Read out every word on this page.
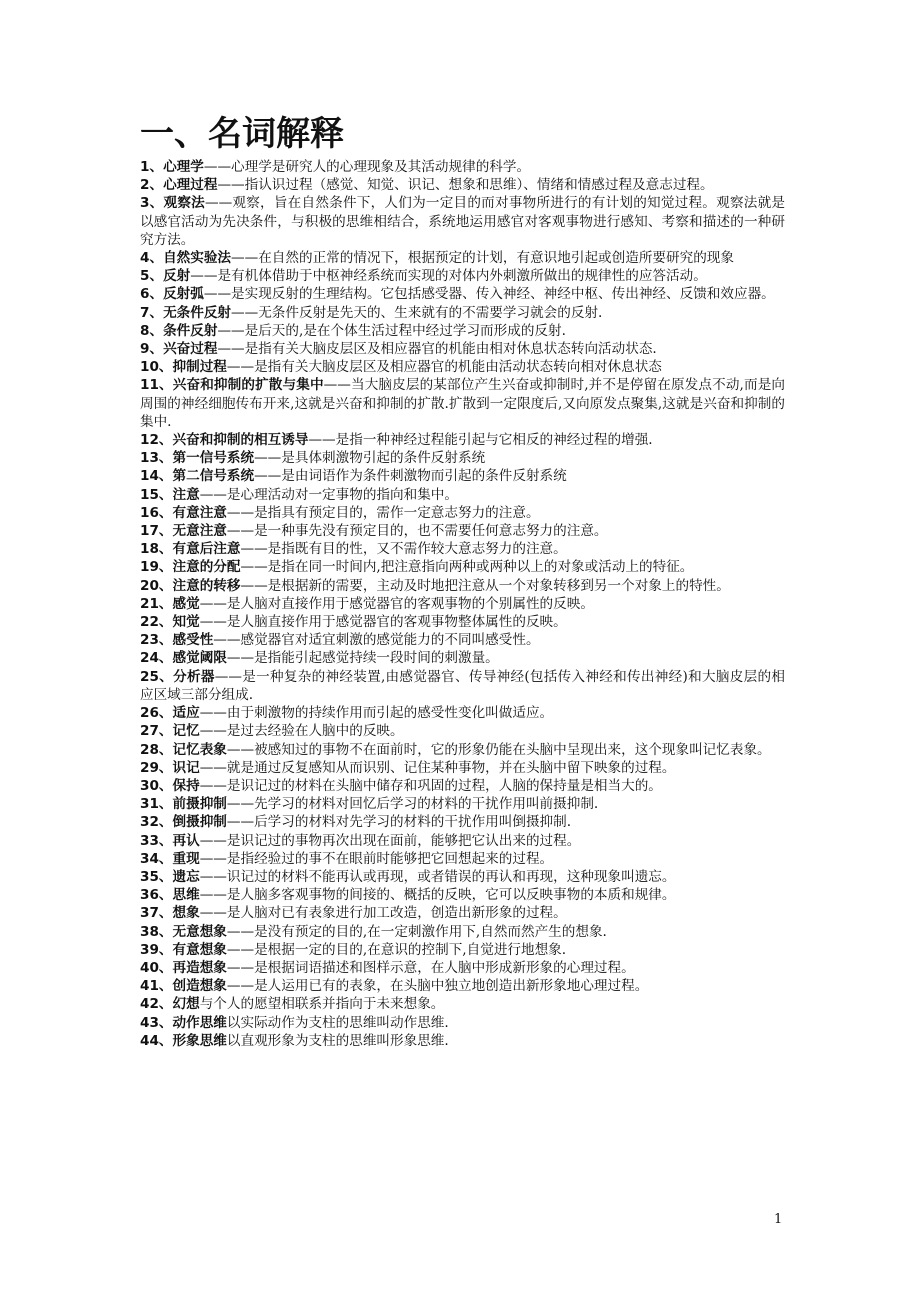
一、名词解释
1、心理学——心理学是研究人的心理现象及其活动规律的科学。
2、心理过程——指认识过程（感觉、知觉、识记、想象和思维）、情绪和情感过程及意志过程。
3、观察法——观察，旨在自然条件下，人们为一定目的而对事物所进行的有计划的知觉过程。观察法就是以感官活动为先决条件，与积极的思维相结合，系统地运用感官对客观事物进行感知、考察和描述的一种研究方法。
4、自然实验法——在自然的正常的情况下，根据预定的计划，有意识地引起或创造所要研究的现象
5、反射——是有机体借助于中枢神经系统而实现的对体内外刺激所做出的规律性的应答活动。
6、反射弧——是实现反射的生理结构。它包括感受器、传入神经、神经中枢、传出神经、反馈和效应器。
7、无条件反射——无条件反射是先天的、生来就有的不需要学习就会的反射.
8、条件反射——是后天的,是在个体生活过程中经过学习而形成的反射.
9、兴奋过程——是指有关大脑皮层区及相应器官的机能由相对休息状态转向活动状态.
10、抑制过程——是指有关大脑皮层区及相应器官的机能由活动状态转向相对休息状态
11、兴奋和抑制的扩散与集中——当大脑皮层的某部位产生兴奋或抑制时,并不是停留在原发点不动,而是向周围的神经细胞传布开来,这就是兴奋和抑制的扩散.扩散到一定限度后,又向原发点聚集,这就是兴奋和抑制的集中.
12、兴奋和抑制的相互诱导——是指一种神经过程能引起与它相反的神经过程的增强.
13、第一信号系统——是具体刺激物引起的条件反射系统
14、第二信号系统——是由词语作为条件刺激物而引起的条件反射系统
15、注意——是心理活动对一定事物的指向和集中。
16、有意注意——是指具有预定目的，需作一定意志努力的注意。
17、无意注意——是一种事先没有预定目的，也不需要任何意志努力的注意。
18、有意后注意——是指既有目的性，又不需作较大意志努力的注意。
19、注意的分配——是指在同一时间内,把注意指向两种或两种以上的对象或活动上的特征。
20、注意的转移——是根据新的需要，主动及时地把注意从一个对象转移到另一个对象上的特性。
21、感觉——是人脑对直接作用于感觉器官的客观事物的个别属性的反映。
22、知觉——是人脑直接作用于感觉器官的客观事物整体属性的反映。
23、感受性——感觉器官对适宜刺激的感觉能力的不同叫感受性。
24、感觉阈限——是指能引起感觉持续一段时间的刺激量。
25、分析器——是一种复杂的神经装置,由感觉器官、传导神经(包括传入神经和传出神经)和大脑皮层的相应区域三部分组成.
26、适应——由于刺激物的持续作用而引起的感受性变化叫做适应。
27、记忆——是过去经验在人脑中的反映。
28、记忆表象——被感知过的事物不在面前时，它的形象仍能在头脑中呈现出来，这个现象叫记忆表象。
29、识记——就是通过反复感知从而识别、记住某种事物，并在头脑中留下映象的过程。
30、保持——是识记过的材料在头脑中储存和巩固的过程，人脑的保持量是相当大的。
31、前摄抑制——先学习的材料对回忆后学习的材料的干扰作用叫前摄抑制.
32、倒摄抑制——后学习的材料对先学习的材料的干扰作用叫倒摄抑制.
33、再认——是识记过的事物再次出现在面前，能够把它认出来的过程。
34、重现——是指经验过的事不在眼前时能够把它回想起来的过程。
35、遗忘——识记过的材料不能再认或再现，或者错误的再认和再现，这种现象叫遗忘。
36、思维——是人脑多客观事物的间接的、概括的反映，它可以反映事物的本质和规律。
37、想象——是人脑对已有表象进行加工改造，创造出新形象的过程。
38、无意想象——是没有预定的目的,在一定刺激作用下,自然而然产生的想象.
39、有意想象——是根据一定的目的,在意识的控制下,自觉进行地想象.
40、再造想象——是根据词语描述和图样示意，在人脑中形成新形象的心理过程。
41、创造想象——是人运用已有的表象，在头脑中独立地创造出新形象地心理过程。
42、幻想与个人的愿望相联系并指向于未来想象。
43、动作思维以实际动作为支柱的思维叫动作思维.
44、形象思维以直观形象为支柱的思维叫形象思维.
1
